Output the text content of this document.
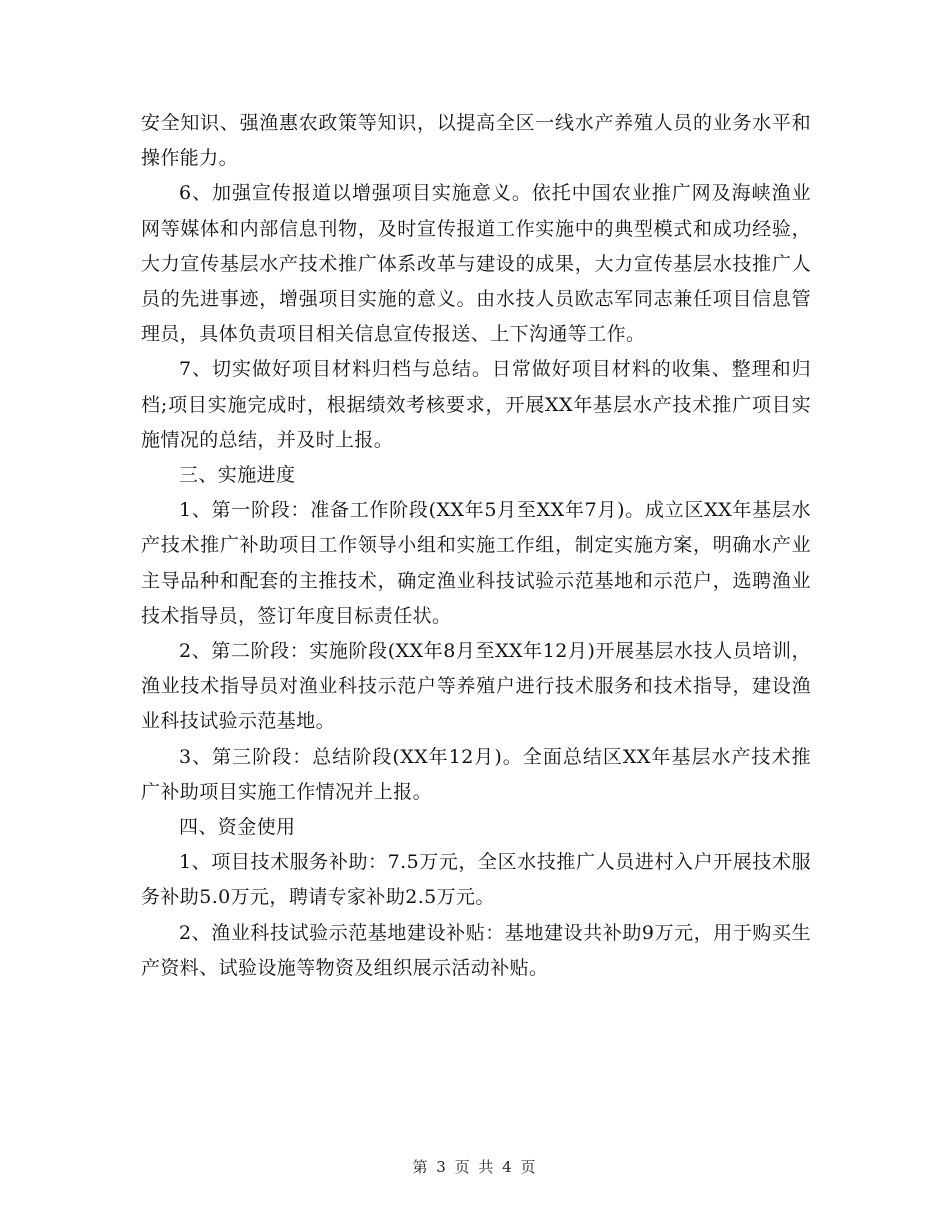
安全知识、强渔惠农政策等知识，以提高全区一线水产养殖人员的业务水平和操作能力。

6、加强宣传报道以增强项目实施意义。依托中国农业推广网及海峡渔业网等媒体和内部信息刊物，及时宣传报道工作实施中的典型模式和成功经验，大力宣传基层水产技术推广体系改革与建设的成果，大力宣传基层水技推广人员的先进事迹，增强项目实施的意义。由水技人员欧志军同志兼任项目信息管理员，具体负责项目相关信息宣传报送、上下沟通等工作。

7、切实做好项目材料归档与总结。日常做好项目材料的收集、整理和归档;项目实施完成时，根据绩效考核要求，开展XX年基层水产技术推广项目实施情况的总结，并及时上报。

三、实施进度

1、第一阶段：准备工作阶段(XX年5月至XX年7月)。成立区XX年基层水产技术推广补助项目工作领导小组和实施工作组，制定实施方案，明确水产业主导品种和配套的主推技术，确定渔业科技试验示范基地和示范户，选聘渔业技术指导员，签订年度目标责任状。

2、第二阶段：实施阶段(XX年8月至XX年12月)开展基层水技人员培训，渔业技术指导员对渔业科技示范户等养殖户进行技术服务和技术指导，建设渔业科技试验示范基地。

3、第三阶段：总结阶段(XX年12月)。全面总结区XX年基层水产技术推广补助项目实施工作情况并上报。

四、资金使用

1、项目技术服务补助：7.5万元，全区水技推广人员进村入户开展技术服务补助5.0万元，聘请专家补助2.5万元。

2、渔业科技试验示范基地建设补贴：基地建设共补助9万元，用于购买生产资料、试验设施等物资及组织展示活动补贴。

第 3 页 共 4 页
